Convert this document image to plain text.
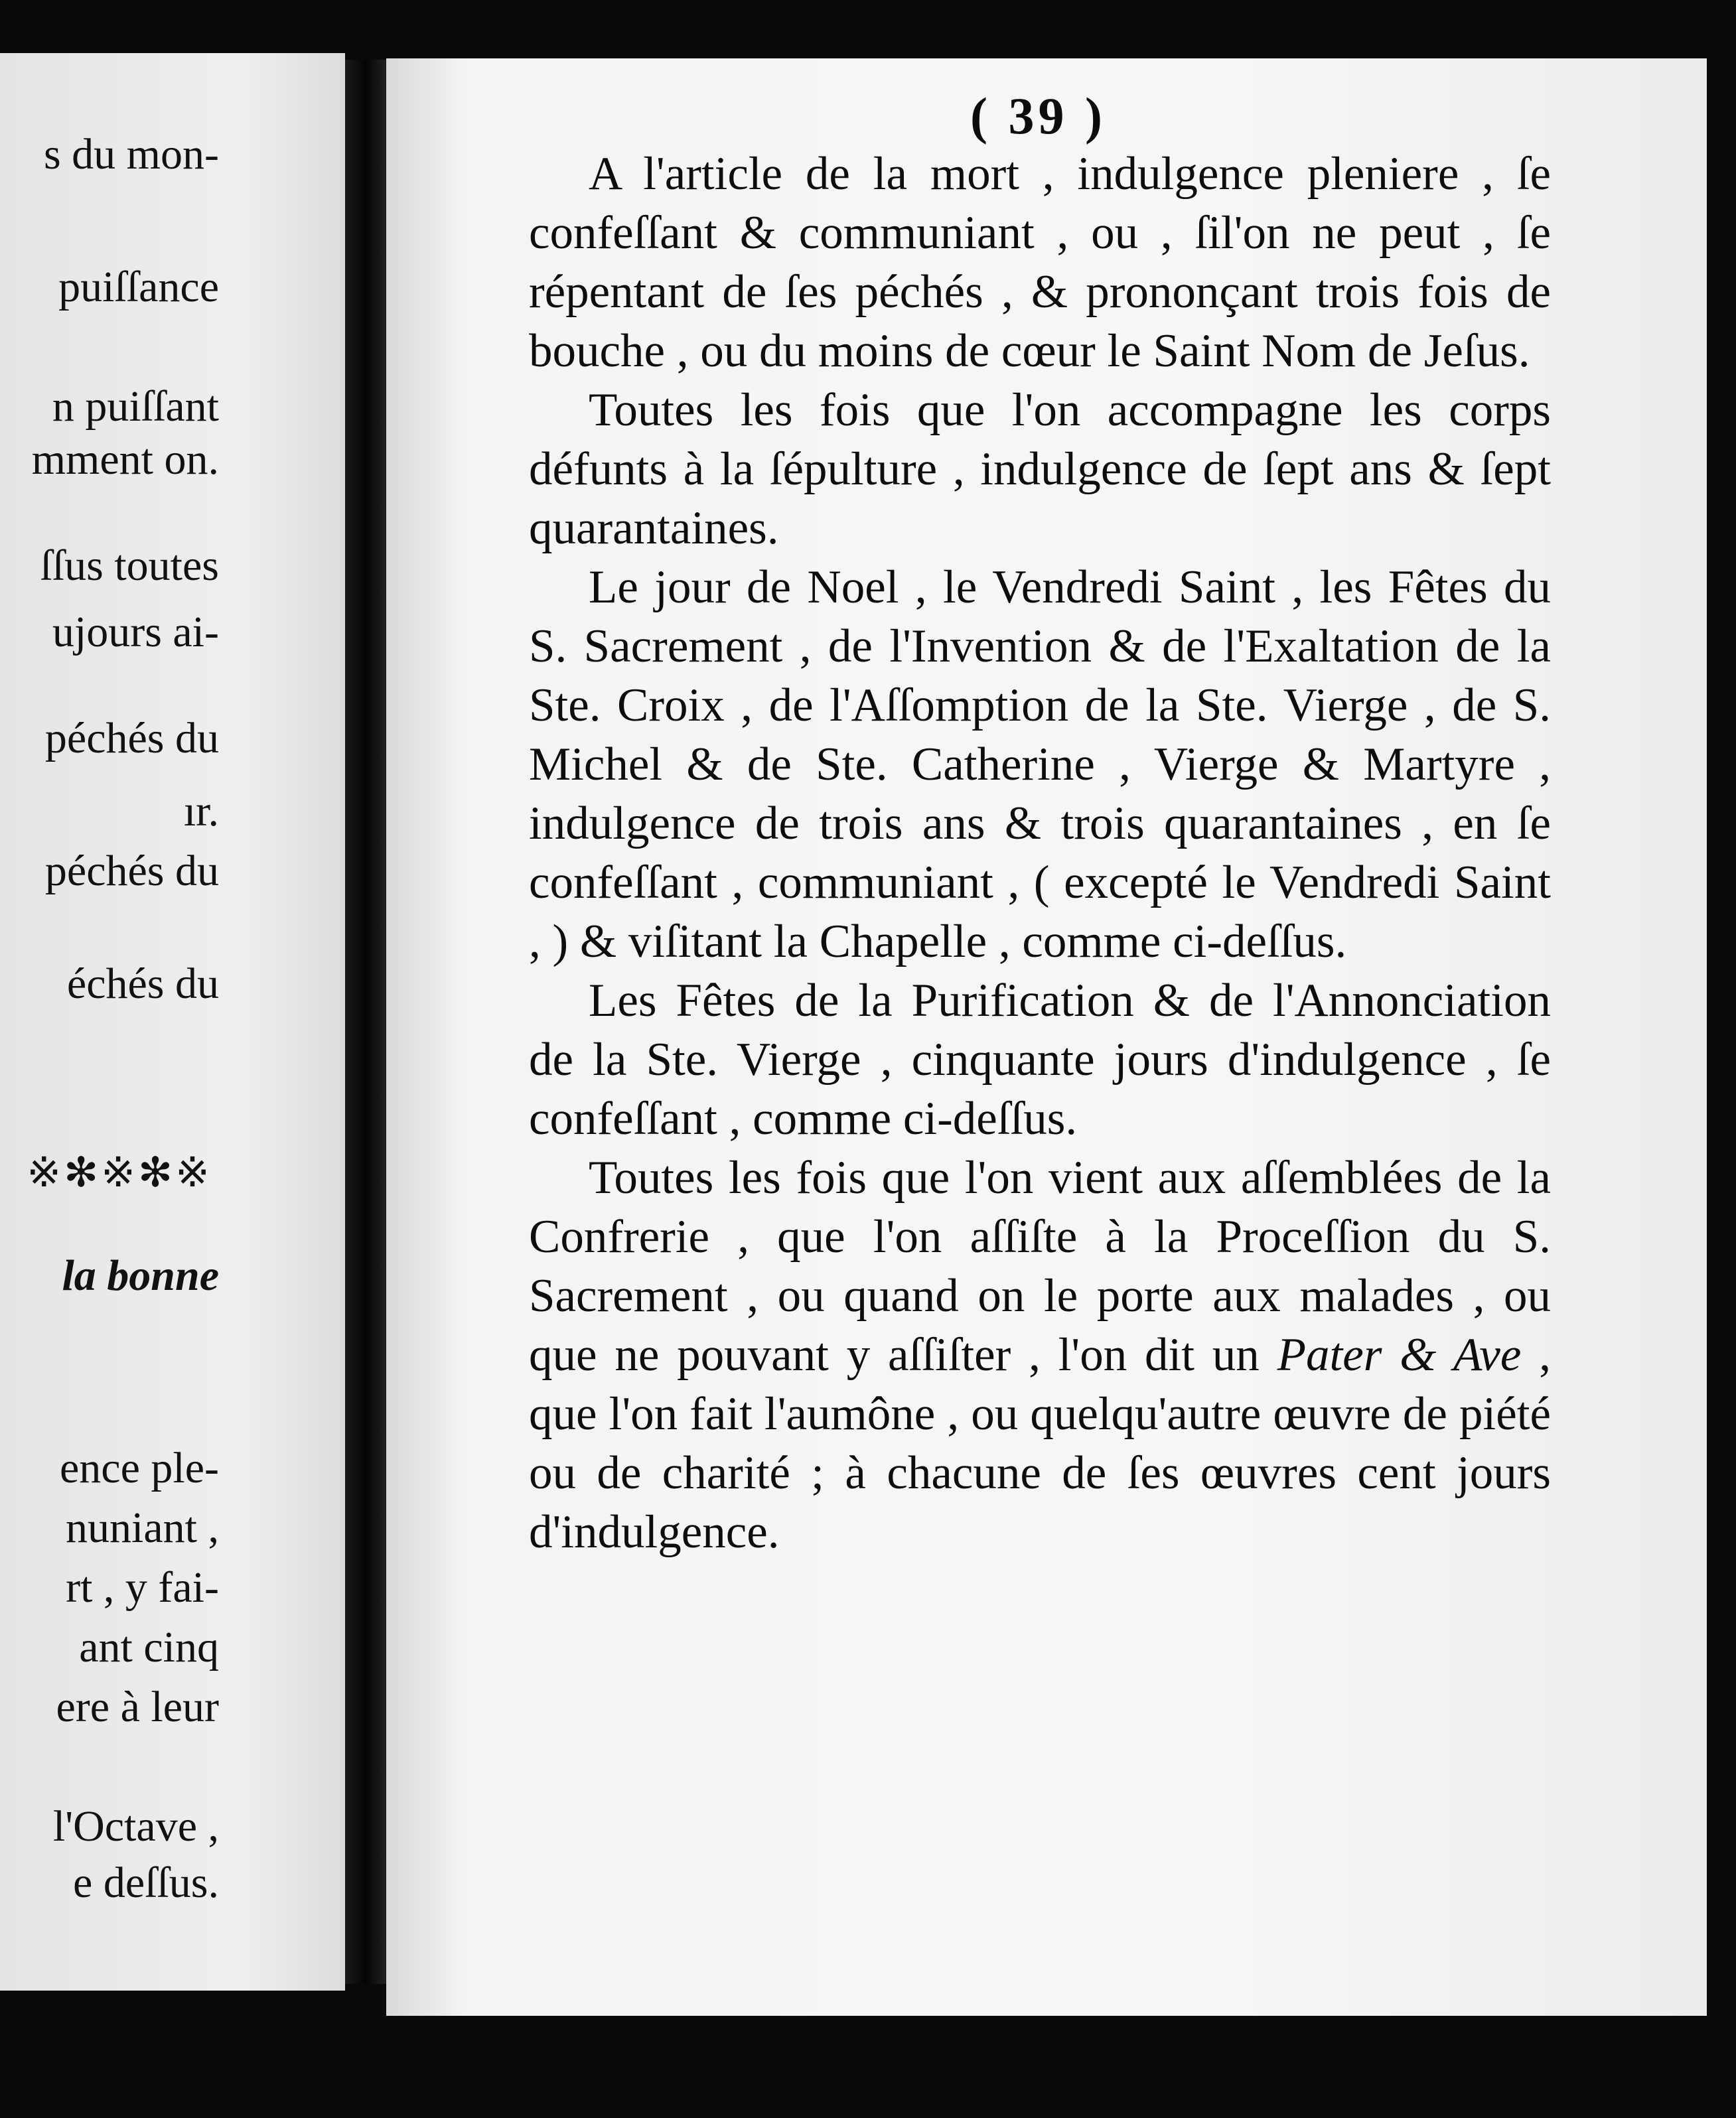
s du mon-
puiſſance
n puiſſant
mment on.
ſſus toutes
ujours ai-
péchés du
ır.
péchés du
échés du
la bonne
ence ple-
nuniant ,
rt , y fai-
ant cinq
ere à leur
l'Octave ,
e deſſus.
※✻※✻※
( 39 )

A l'article de la mort , indulgence pleniere , ſe confeſſant & communiant , ou , ſil'on ne peut , ſe répentant de ſes péchés , & prononçant trois fois de bouche , ou du moins de cœur le Saint Nom de Jeſus.

Toutes les fois que l'on accompagne les corps défunts à la ſépulture , indulgence de ſept ans & ſept quarantaines.

Le jour de Noel , le Vendredi Saint , les Fêtes du S. Sacrement , de l'Invention & de l'Exaltation de la Ste. Croix , de l'Aſſomption de la Ste. Vierge , de S. Michel & de Ste. Catherine , Vierge & Martyre , indulgence de trois ans & trois quarantaines , en ſe confeſſant , communiant , ( excepté le Vendredi Saint , ) & viſitant la Chapelle , comme ci-deſſus.

Les Fêtes de la Purification & de l'Annonciation de la Ste. Vierge , cinquante jours d'indulgence , ſe confeſſant , comme ci-deſſus.

Toutes les fois que l'on vient aux aſſemblées de la Confrerie , que l'on aſſiſte à la Proceſſion du S. Sacrement , ou quand on le porte aux malades , ou que ne pouvant y aſſiſter , l'on dit un Pater & Ave , que l'on fait l'aumône , ou quelqu'autre œuvre de piété ou de charité ; à chacune de ſes œuvres cent jours d'indulgence.
